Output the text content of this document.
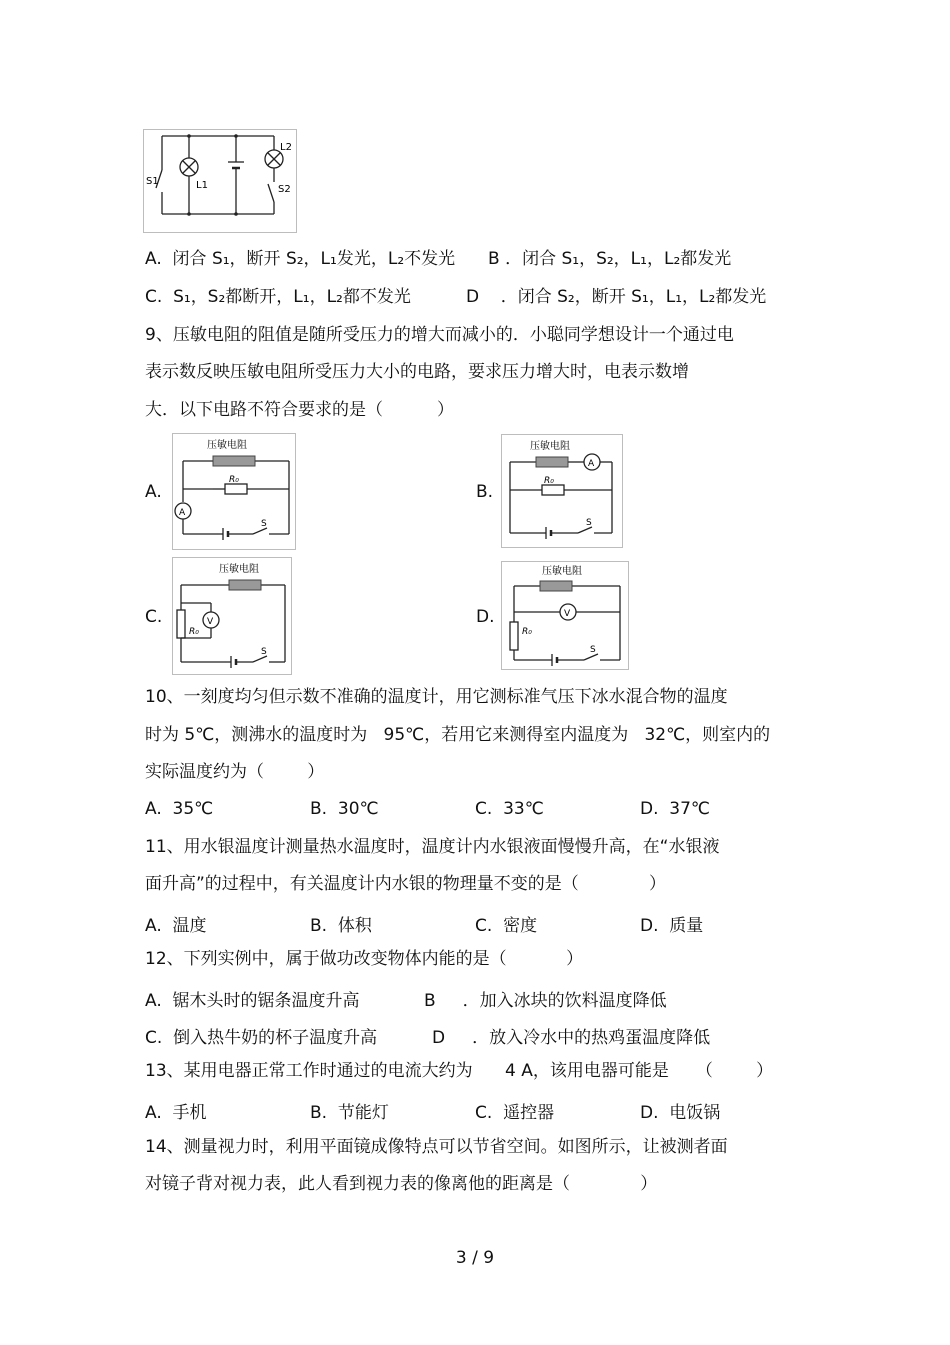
S1	L1
L2
S2
A.  闭合 S₁，断开 S₂，L₁发光，L₂不发光 B ．闭合 S₁，S₂，L₁，L₂都发光
C.  S₁，S₂都断开，L₁，L₂都不发光	D    ．闭合 S₂，断开 S₁，L₁，L₂都发光
9、压敏电阻的阻值是随所受压力的增大而减小的．小聪同学想设计一个通过电
表示数反映压敏电阻所受压力大小的电路，要求压力增大时，电表示数增
大．以下电路不符合要求的是（          ）
A.
压敏电阻
R₀
A
S
B.
压敏电阻
R₀
A
S
C.
压敏电阻
R₀
V
S
D.
压敏电阻
R₀
V
S
10、一刻度均匀但示数不准确的温度计，用它测标准气压下冰水混合物的温度
时为 5℃，测沸水的温度时为   95℃，若用它来测得室内温度为   32℃，则室内的
实际温度约为（        ）
A.  35℃	B.  30℃	C.  33℃	D.  37℃
11、用水银温度计测量热水温度时，温度计内水银液面慢慢升高，在“水银液
面升高”的过程中，有关温度计内水银的物理量不变的是（             ）
A.  温度	B.  体积	C.  密度	D.  质量
12、下列实例中，属于做功改变物体内能的是（           ）
A.  锯木头时的锯条温度升高	B     ．加入冰块的饮料温度降低
C.  倒入热牛奶的杯子温度升高	D     ．放入冷水中的热鸡蛋温度降低
13、某用电器正常工作时通过的电流大约为      4 A，该用电器可能是     （        ）
A.  手机	B.  节能灯	C.  遥控器	D.  电饭锅
14、测量视力时，利用平面镜成像特点可以节省空间。如图所示，让被测者面
对镜子背对视力表，此人看到视力表的像离他的距离是（             ）
3 / 9
